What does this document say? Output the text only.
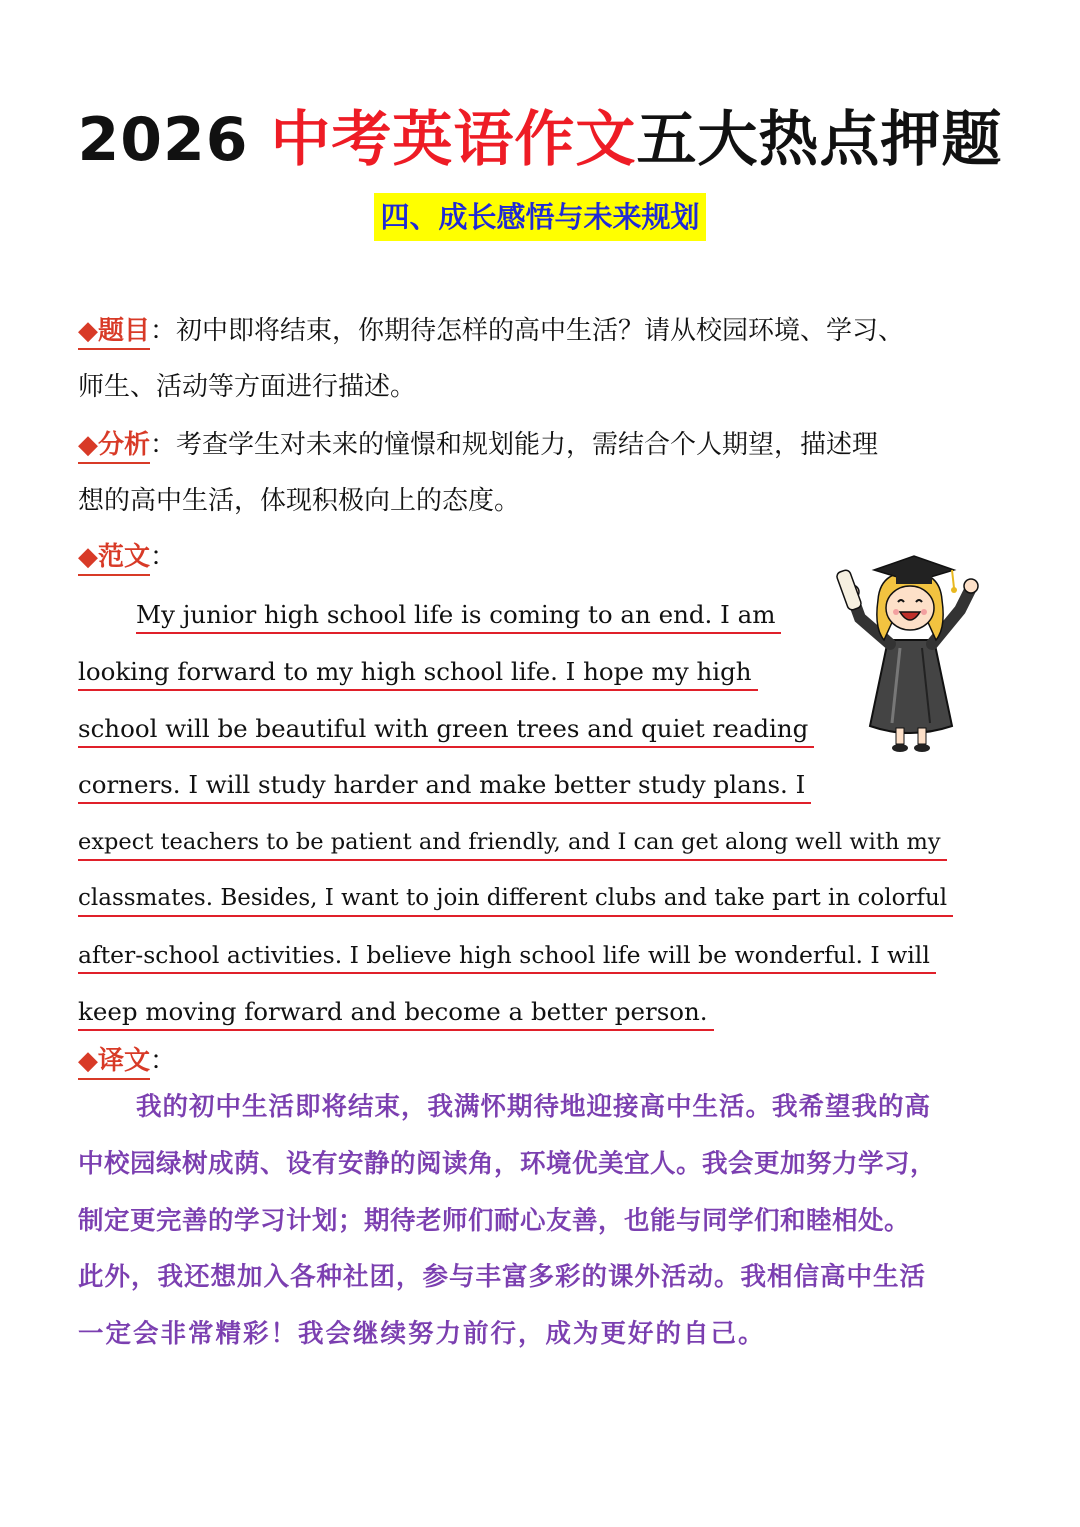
2026 中考英语作文五大热点押题
四、成长感悟与未来规划
◆题目：初中即将结束，你期待怎样的高中生活？请从校园环境、学习、
师生、活动等方面进行描述。
◆分析：考查学生对未来的憧憬和规划能力，需结合个人期望，描述理
想的高中生活，体现积极向上的态度。
◆范文：
My junior high school life is coming to an end. I am
looking forward to my high school life. I hope my high
school will be beautiful with green trees and quiet reading
corners. I will study harder and make better study plans. I
expect teachers to be patient and friendly, and I can get along well with my
classmates. Besides, I want to join different clubs and take part in colorful
after-school activities. I believe high school life will be wonderful. I will
keep moving forward and become a better person.
◆译文：
我的初中生活即将结束，我满怀期待地迎接高中生活。我希望我的高
中校园绿树成荫、设有安静的阅读角，环境优美宜人。我会更加努力学习，
制定更完善的学习计划；期待老师们耐心友善，也能与同学们和睦相处。
此外，我还想加入各种社团，参与丰富多彩的课外活动。我相信高中生活
一定会非常精彩！我会继续努力前行，成为更好的自己。
